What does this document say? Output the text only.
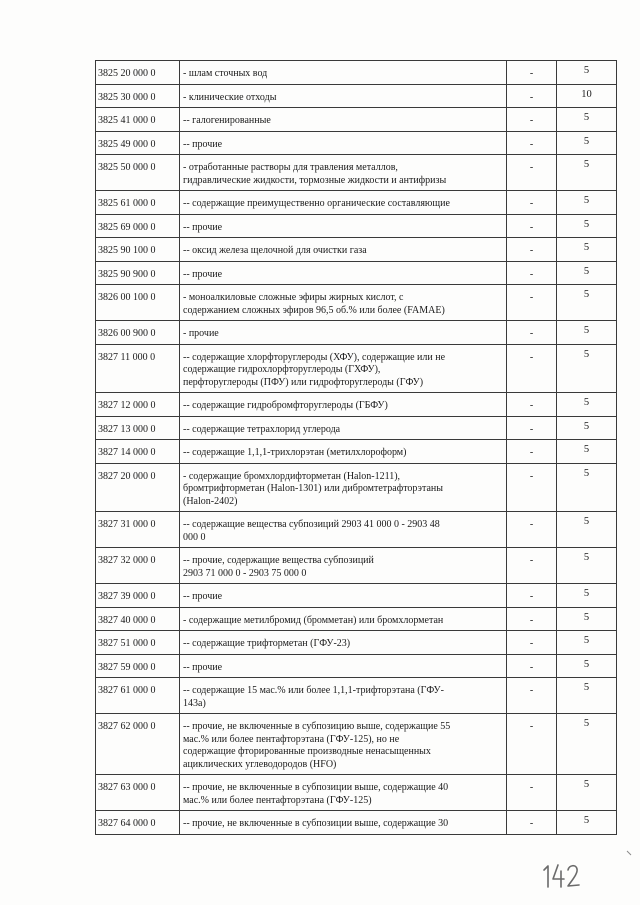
3825 20 000 0	- шлам сточных вод	-	5
3825 30 000 0	- клинические отходы	-	10
3825 41 000 0	-- галогенированные	-	5
3825 49 000 0	-- прочие	-	5
3825 50 000 0	- отработанные растворы для травления металлов,
гидравлические жидкости, тормозные жидкости и антифризы	-	5
3825 61 000 0	-- содержащие преимущественно органические составляющие	-	5
3825 69 000 0	-- прочие	-	5
3825 90 100 0	-- оксид железа щелочной для очистки газа	-	5
3825 90 900 0	-- прочие	-	5
3826 00 100 0	- моноалкиловые сложные эфиры жирных кислот, с
содержанием сложных эфиров 96,5 об.% или более (FAMAE)	-	5
3826 00 900 0	- прочие	-	5
3827 11 000 0	-- содержащие хлорфторуглероды (ХФУ), содержащие или не
содержащие гидрохлорфторуглероды (ГХФУ),
перфторуглероды (ПФУ) или гидрофторуглероды (ГФУ)	-	5
3827 12 000 0	-- содержащие гидробромфторуглероды (ГБФУ)	-	5
3827 13 000 0	-- содержащие тетрахлорид углерода	-	5
3827 14 000 0	-- содержащие 1,1,1-трихлорэтан (метилхлороформ)	-	5
3827 20 000 0	- содержащие бромхлордифторметан (Halon-1211),
бромтрифторметан (Halon-1301) или дибромтетрафторэтаны
(Halon-2402)	-	5
3827 31 000 0	-- содержащие вещества субпозиций 2903 41 000 0 - 2903 48
000 0	-	5
3827 32 000 0	-- прочие, содержащие вещества субпозиций
2903 71 000 0 - 2903 75 000 0	-	5
3827 39 000 0	-- прочие	-	5
3827 40 000 0	- содержащие метилбромид (бромметан) или бромхлорметан	-	5
3827 51 000 0	-- содержащие трифторметан (ГФУ-23)	-	5
3827 59 000 0	-- прочие	-	5
3827 61 000 0	-- содержащие 15 мас.% или более 1,1,1-трифторэтана (ГФУ-
143а)	-	5
3827 62 000 0	-- прочие, не включенные в субпозицию выше, содержащие 55
мас.% или более пентафторэтана (ГФУ-125), но не
содержащие фторированные производные ненасыщенных
ациклических углеводородов (HFO)	-	5
3827 63 000 0	-- прочие, не включенные в субпозиции выше, содержащие 40
мас.% или более пентафторэтана (ГФУ-125)	-	5
3827 64 000 0	-- прочие, не включенные в субпозиции выше, содержащие 30	-	5
